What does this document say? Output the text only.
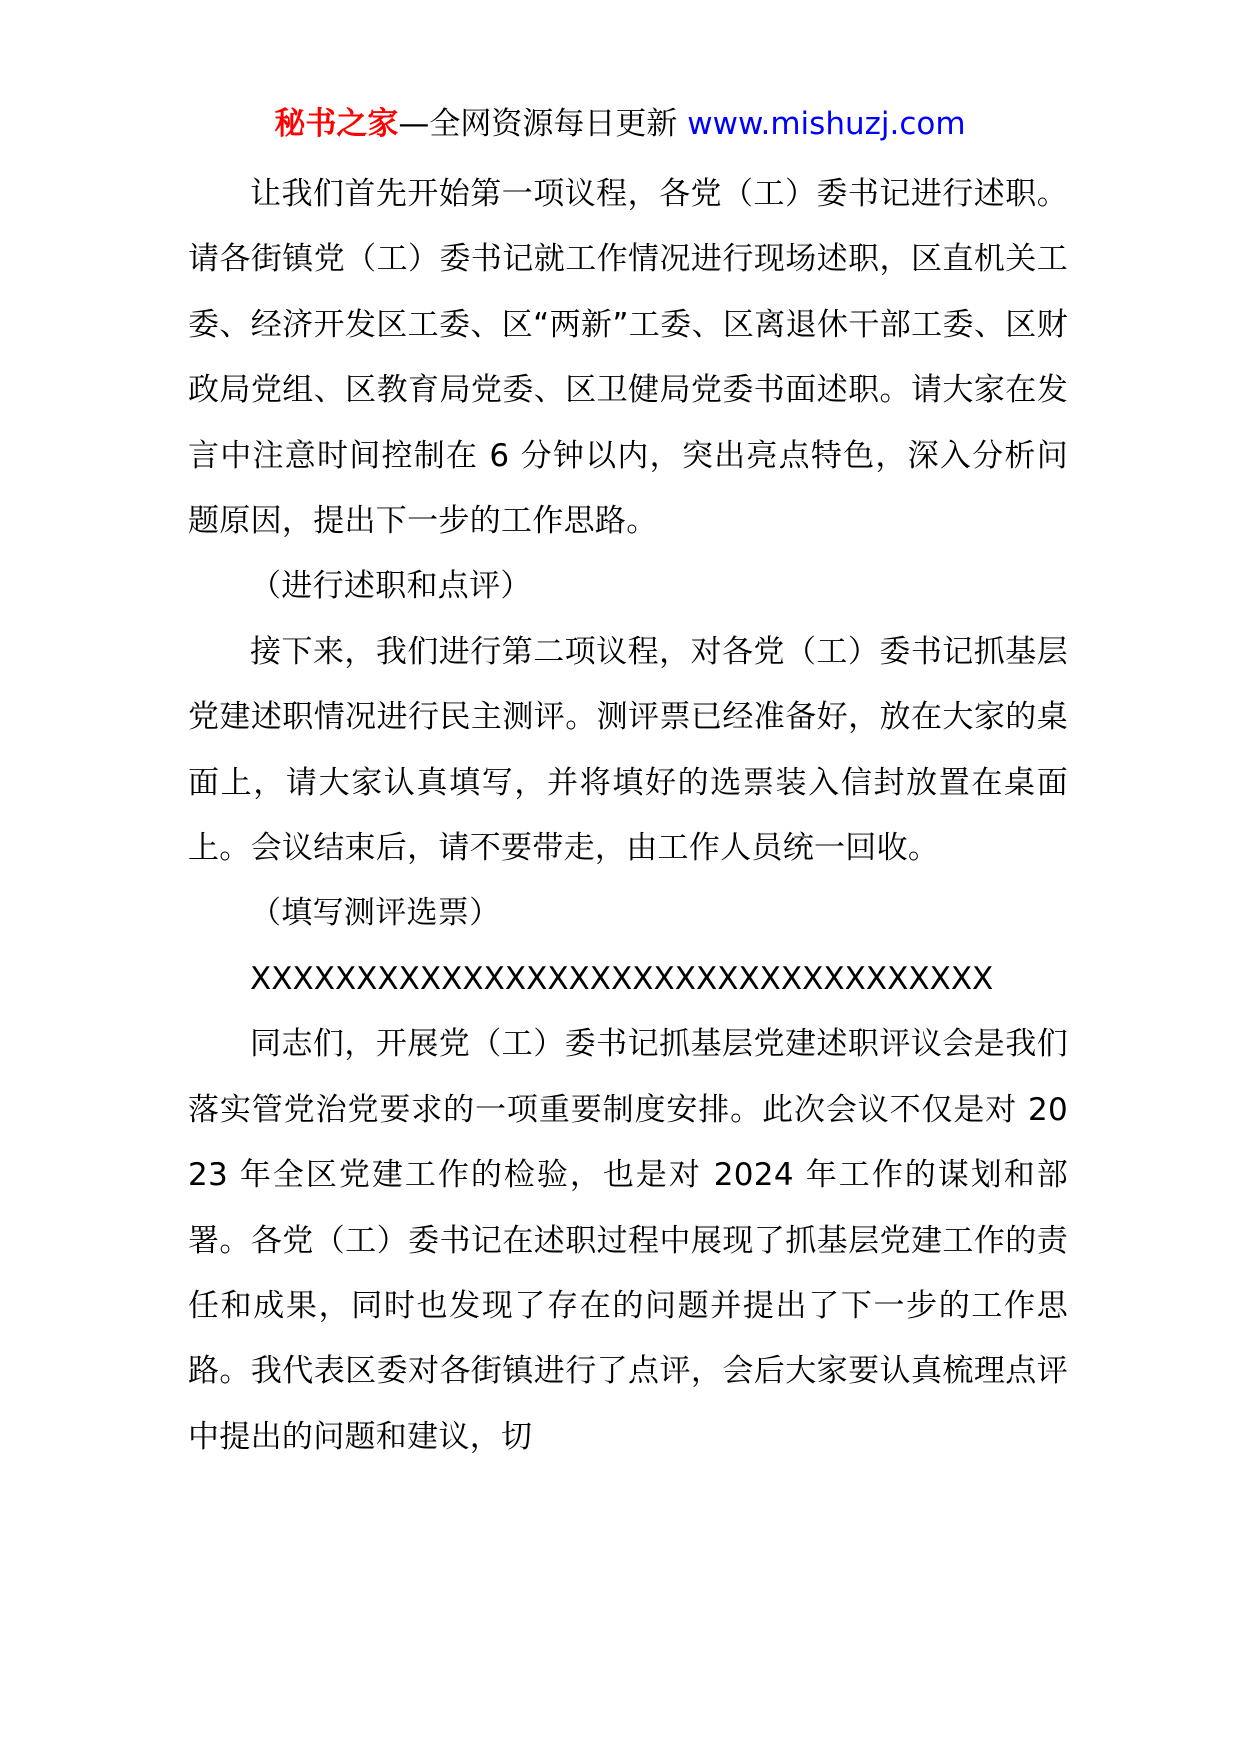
秘书之家—全网资源每日更新 www.mishuzj.com

让我们首先开始第一项议程，各党（工）委书记进行述职。请各街镇党（工）委书记就工作情况进行现场述职，区直机关工委、经济开发区工委、区“两新”工委、区离退休干部工委、区财政局党组、区教育局党委、区卫健局党委书面述职。请大家在发言中注意时间控制在 6 分钟以内，突出亮点特色，深入分析问题原因，提出下一步的工作思路。

（进行述职和点评）

接下来，我们进行第二项议程，对各党（工）委书记抓基层党建述职情况进行民主测评。测评票已经准备好，放在大家的桌面上，请大家认真填写，并将填好的选票装入信封放置在桌面上。会议结束后，请不要带走，由工作人员统一回收。

（填写测评选票）

XXXXXXXXXXXXXXXXXXXXXXXXXXXXXXXXXXX

同志们，开展党（工）委书记抓基层党建述职评议会是我们落实管党治党要求的一项重要制度安排。此次会议不仅是对 2023 年全区党建工作的检验，也是对 2024 年工作的谋划和部署。各党（工）委书记在述职过程中展现了抓基层党建工作的责任和成果，同时也发现了存在的问题并提出了下一步的工作思路。我代表区委对各街镇进行了点评，会后大家要认真梳理点评中提出的问题和建议，切
